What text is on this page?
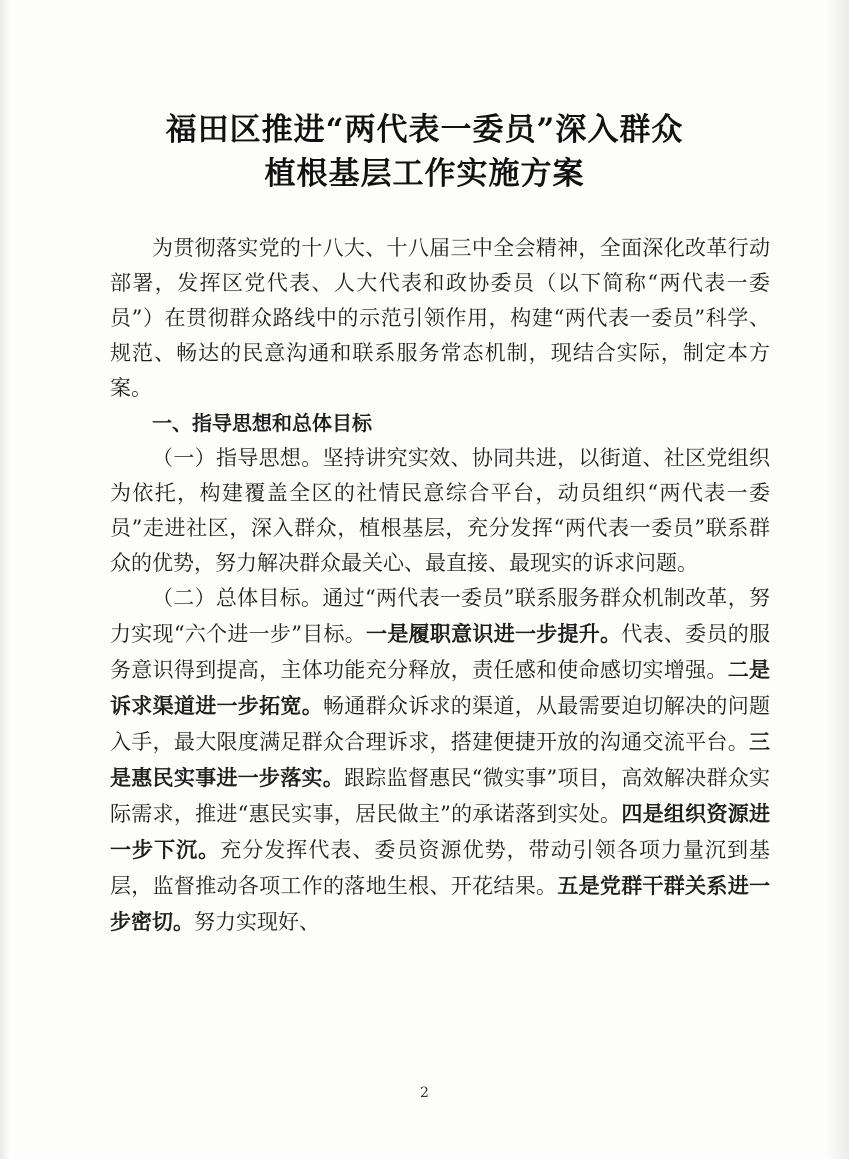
福田区推进“两代表一委员”深入群众
植根基层工作实施方案

为贯彻落实党的十八大、十八届三中全会精神，全面深化改革行动部署，发挥区党代表、人大代表和政协委员（以下简称“两代表一委员”）在贯彻群众路线中的示范引领作用，构建“两代表一委员”科学、规范、畅达的民意沟通和联系服务常态机制，现结合实际，制定本方案。

一、指导思想和总体目标

（一）指导思想。坚持讲究实效、协同共进，以街道、社区党组织为依托，构建覆盖全区的社情民意综合平台，动员组织“两代表一委员”走进社区，深入群众，植根基层，充分发挥“两代表一委员”联系群众的优势，努力解决群众最关心、最直接、最现实的诉求问题。

（二）总体目标。通过“两代表一委员”联系服务群众机制改革，努力实现“六个进一步”目标。一是履职意识进一步提升。代表、委员的服务意识得到提高，主体功能充分释放，责任感和使命感切实增强。二是诉求渠道进一步拓宽。畅通群众诉求的渠道，从最需要迫切解决的问题入手，最大限度满足群众合理诉求，搭建便捷开放的沟通交流平台。三是惠民实事进一步落实。跟踪监督惠民“微实事”项目，高效解决群众实际需求，推进“惠民实事，居民做主”的承诺落到实处。四是组织资源进一步下沉。充分发挥代表、委员资源优势，带动引领各项力量沉到基层，监督推动各项工作的落地生根、开花结果。五是党群干群关系进一步密切。努力实现好、

2
